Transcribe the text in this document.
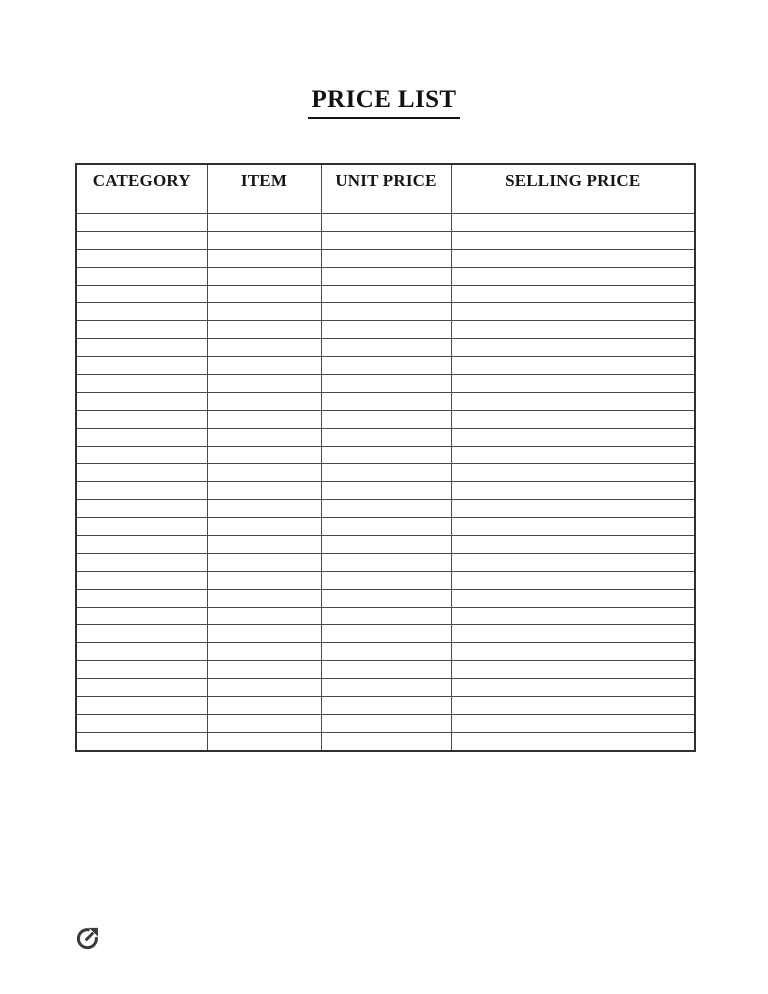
PRICE LIST
CATEGORY	ITEM	UNIT PRICE	SELLING PRICE
